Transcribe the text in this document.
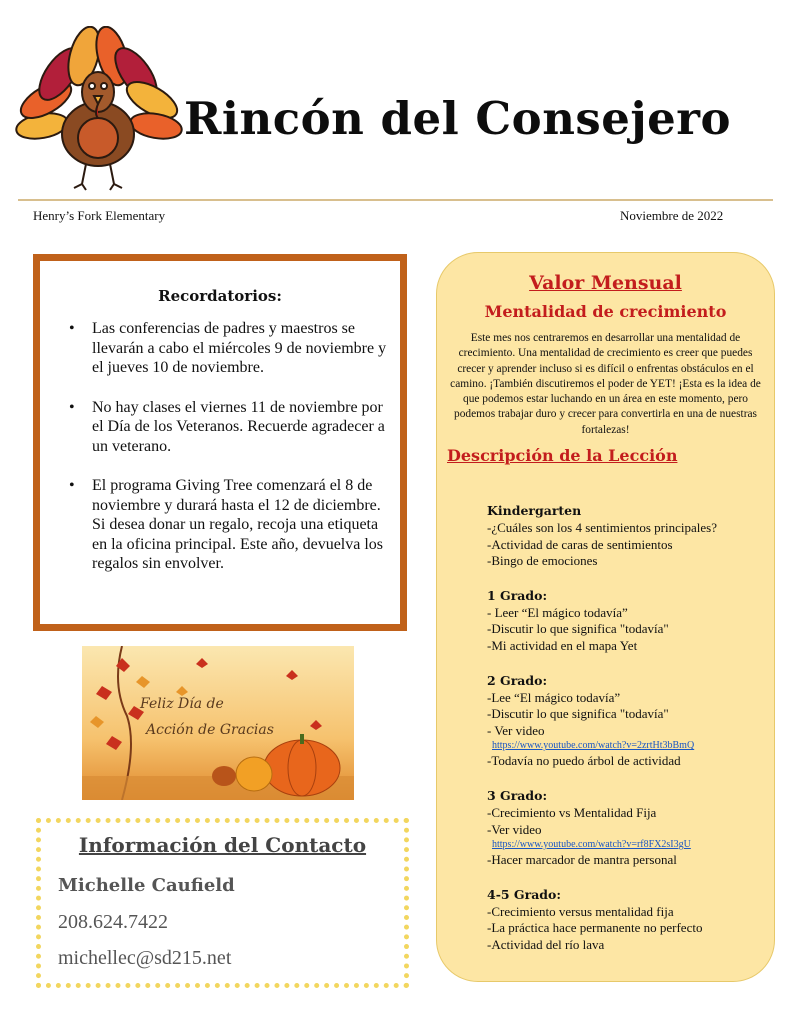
Rincón del Consejero
Henry’s Fork Elementary	Noviembre de 2022
Recordatorios:
• Las conferencias de padres y maestros se llevarán a cabo el miércoles 9 de noviembre y el jueves 10 de noviembre.
• No hay clases el viernes 11 de noviembre por el Día de los Veteranos. Recuerde agradecer a un veterano.
• El programa Giving Tree comenzará el 8 de noviembre y durará hasta el 12 de diciembre. Si desea donar un regalo, recoja una etiqueta en la oficina principal. Este año, devuelva los regalos sin envolver.
Feliz Día de
Acción de Gracias
Información del Contacto
Michelle Caufield
208.624.7422
michellec@sd215.net
Valor Mensual
Mentalidad de crecimiento
Este mes nos centraremos en desarrollar una mentalidad de crecimiento. Una mentalidad de crecimiento es creer que puedes crecer y aprender incluso si es difícil o enfrentas obstáculos en el camino. ¡También discutiremos el poder de YET! ¡Esta es la idea de que podemos estar luchando en un área en este momento, pero podemos trabajar duro y crecer para convertirla en una de nuestras fortalezas!
Descripción de la Lección
Kindergarten
-¿Cuáles son los 4 sentimientos principales?
-Actividad de caras de sentimientos
-Bingo de emociones
1 Grado:
- Leer “El mágico todavía”
-Discutir lo que significa "todavía"
-Mi actividad en el mapa Yet
2 Grado:
-Lee “El mágico todavía”
-Discutir lo que significa "todavía"
- Ver video
https://www.youtube.com/watch?v=2zrtHt3bBmQ
-Todavía no puedo árbol de actividad
3 Grado:
-Crecimiento vs Mentalidad Fija
-Ver video
https://www.youtube.com/watch?v=rf8FX2sI3gU
-Hacer marcador de mantra personal
4-5 Grado:
-Crecimiento versus mentalidad fija
-La práctica hace permanente no perfecto
-Actividad del río lava
